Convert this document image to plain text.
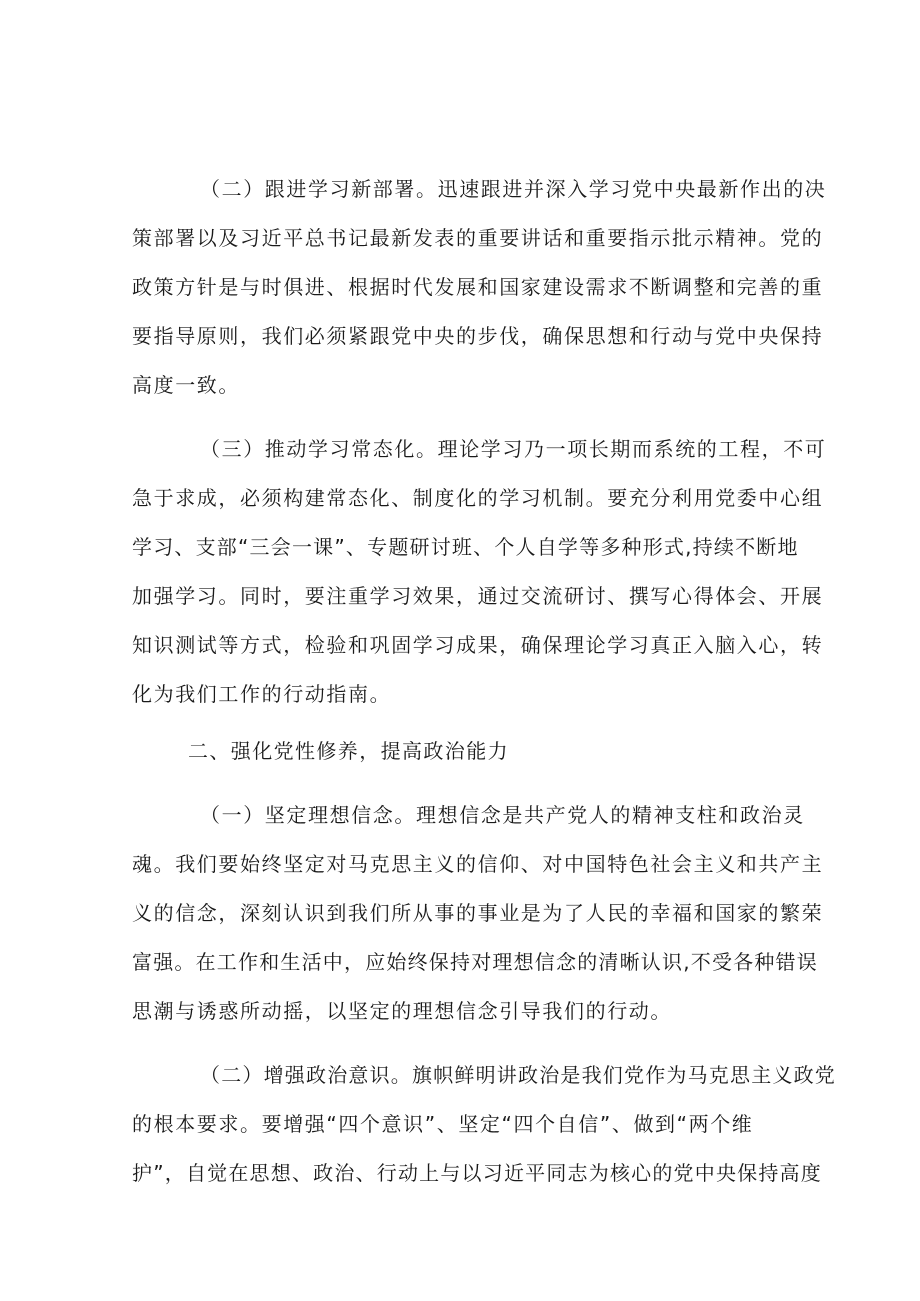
（二）跟进学习新部署。迅速跟进并深入学习党中央最新作出的决
策部署以及习近平总书记最新发表的重要讲话和重要指示批示精神。党的
政策方针是与时俱进、根据时代发展和国家建设需求不断调整和完善的重
要指导原则，我们必须紧跟党中央的步伐，确保思想和行动与党中央保持
高度一致。
（三）推动学习常态化。理论学习乃一项长期而系统的工程，不可
急于求成，必须构建常态化、制度化的学习机制。要充分利用党委中心组
学习、支部“三会一课”、专题研讨班、个人自学等多种形式,持续不断地
加强学习。同时，要注重学习效果，通过交流研讨、撰写心得体会、开展
知识测试等方式，检验和巩固学习成果，确保理论学习真正入脑入心，转
化为我们工作的行动指南。
二、强化党性修养，提高政治能力
（一）坚定理想信念。理想信念是共产党人的精神支柱和政治灵
魂。我们要始终坚定对马克思主义的信仰、对中国特色社会主义和共产主
义的信念，深刻认识到我们所从事的事业是为了人民的幸福和国家的繁荣
富强。在工作和生活中，应始终保持对理想信念的清晰认识,不受各种错误
思潮与诱惑所动摇，以坚定的理想信念引导我们的行动。
（二）增强政治意识。旗帜鲜明讲政治是我们党作为马克思主义政党
的根本要求。要增强“四个意识”、坚定“四个自信”、做到“两个维
护”，自觉在思想、政治、行动上与以习近平同志为核心的党中央保持高度
